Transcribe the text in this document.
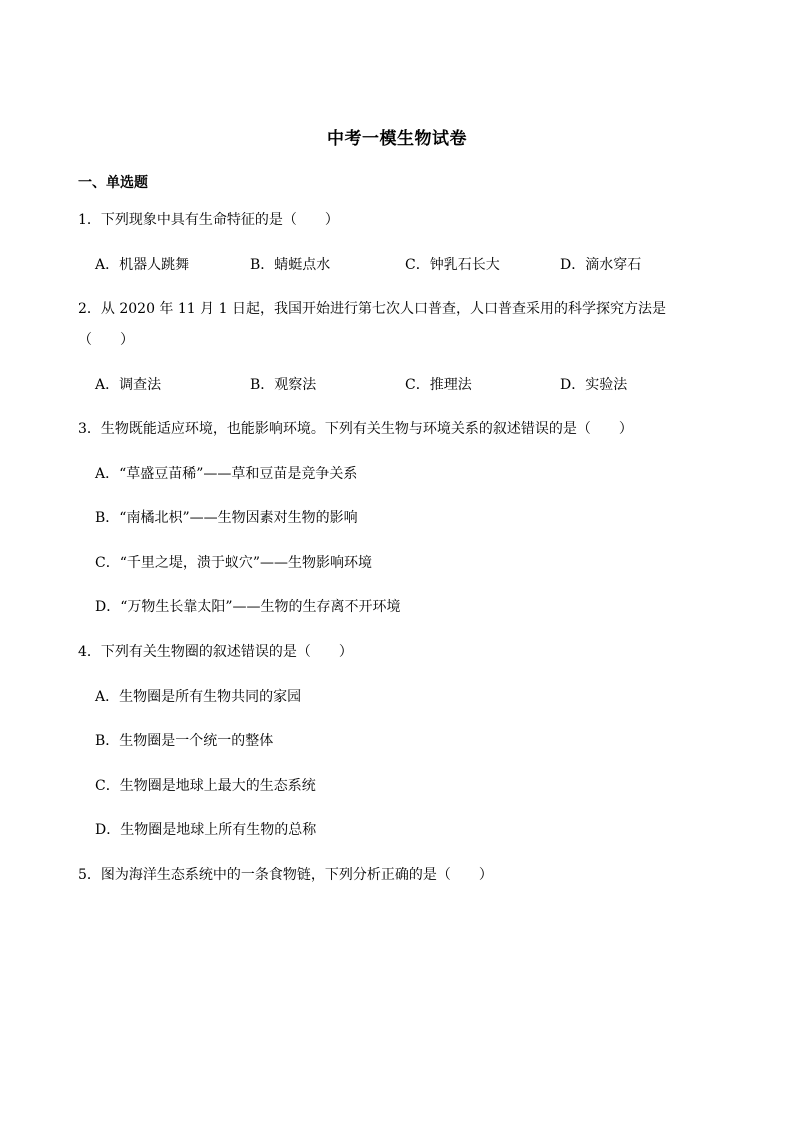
中考一模生物试卷
一、单选题
1．下列现象中具有生命特征的是（　　）
A．机器人跳舞	B．蜻蜓点水	C．钟乳石长大	D．滴水穿石
2．从 2020 年 11 月 1 日起，我国开始进行第七次人口普查，人口普查采用的科学探究方法是
（　　）
A．调查法	B．观察法	C．推理法	D．实验法
3．生物既能适应环境，也能影响环境。下列有关生物与环境关系的叙述错误的是（　　）
A．“草盛豆苗稀”——草和豆苗是竞争关系
B．“南橘北枳”——生物因素对生物的影响
C．“千里之堤，溃于蚁穴”——生物影响环境
D．“万物生长靠太阳”——生物的生存离不开环境
4．下列有关生物圈的叙述错误的是（　　）
A．生物圈是所有生物共同的家园
B．生物圈是一个统一的整体
C．生物圈是地球上最大的生态系统
D．生物圈是地球上所有生物的总称
5．图为海洋生态系统中的一条食物链，下列分析正确的是（　　）
